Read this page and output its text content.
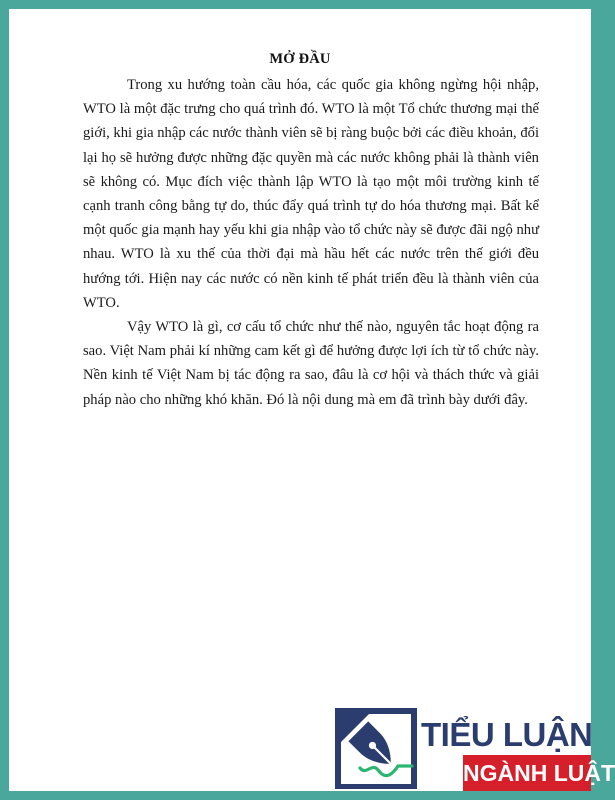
MỞ ĐẦU

Trong xu hướng toàn cầu hóa, các quốc gia không ngừng hội nhập, WTO là một đặc trưng cho quá trình đó. WTO là một Tổ chức thương mại thế giới, khi gia nhập các nước thành viên sẽ bị ràng buộc bởi các điều khoản, đổi lại họ sẽ hưởng được những đặc quyền mà các nước không phải là thành viên sẽ không có. Mục đích việc thành lập WTO là tạo một môi trường kinh tế cạnh tranh công bằng tự do, thúc đẩy quá trình tự do hóa thương mại. Bất kể một quốc gia mạnh hay yếu khi gia nhập vào tổ chức này sẽ được đãi ngộ như nhau. WTO là xu thế của thời đại mà hầu hết các nước trên thế giới đều hướng tới. Hiện nay các nước có nền kinh tế phát triển đều là thành viên của WTO.

Vậy WTO là gì, cơ cấu tổ chức như thế nào, nguyên tắc hoạt động ra sao. Việt Nam phải kí những cam kết gì để hưởng được lợi ích từ tổ chức này. Nền kinh tế Việt Nam bị tác động ra sao, đâu là cơ hội và thách thức và giải pháp nào cho những khó khăn. Đó là nội dung mà em đã trình bày dưới đây.

TIỂU LUẬN
NGÀNH LUẬT
